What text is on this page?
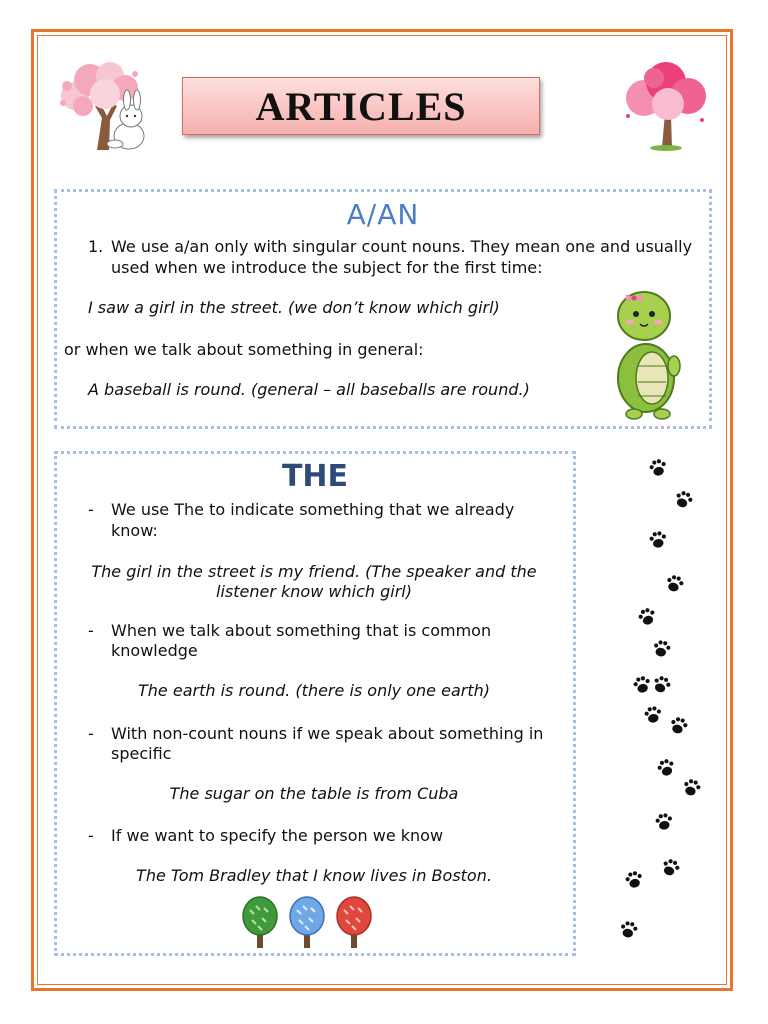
ARTICLES
A/AN
1. We use a/an only with singular count nouns. They mean one and usually
used when we introduce the subject for the first time:
I saw a girl in the street. (we don’t know which girl)
or when we talk about something in general:
A baseball is round. (general – all baseballs are round.)
THE
- We use The to indicate something that we already
know:
The girl in the street is my friend. (The speaker and the
listener know which girl)
- When we talk about something that is common
knowledge
The earth is round. (there is only one earth)
- With non-count nouns if we speak about something in
specific
The sugar on the table is from Cuba
- If we want to specify the person we know
The Tom Bradley that I know lives in Boston.
